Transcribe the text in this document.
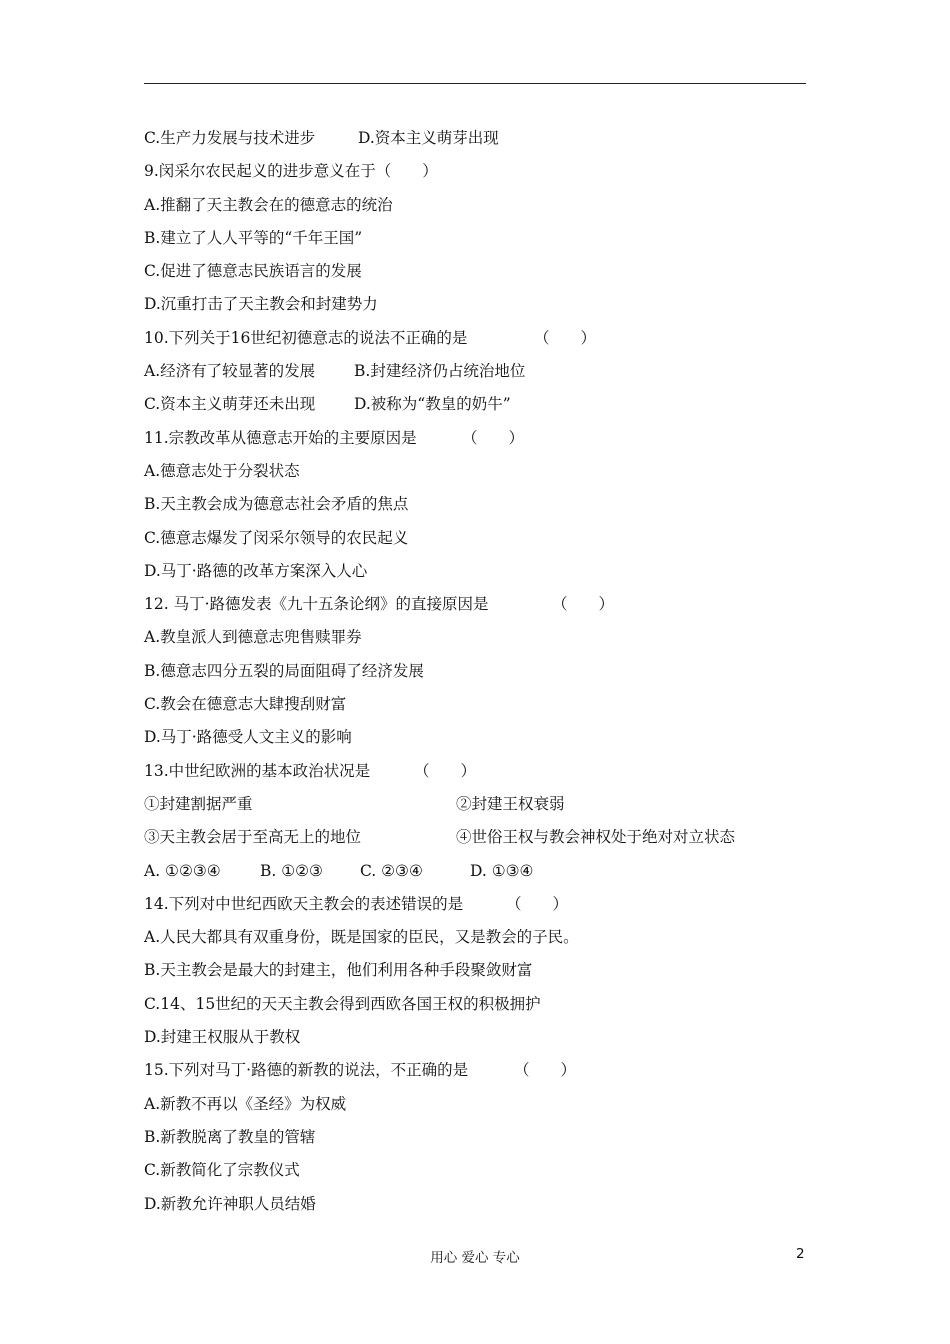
C.生产力发展与技术进步	D.资本主义萌芽出现
9.闵采尔农民起义的进步意义在于（　　）
A.推翻了天主教会在的德意志的统治
B.建立了人人平等的“千年王国”
C.促进了德意志民族语言的发展
D.沉重打击了天主教会和封建势力
10.下列关于16世纪初德意志的说法不正确的是	（　　）
A.经济有了较显著的发展	B.封建经济仍占统治地位
C.资本主义萌芽还未出现	D.被称为“教皇的奶牛”
11.宗教改革从德意志开始的主要原因是	（　　）
A.德意志处于分裂状态
B.天主教会成为德意志社会矛盾的焦点
C.德意志爆发了闵采尔领导的农民起义
D.马丁·路德的改革方案深入人心
12. 马丁·路德发表《九十五条论纲》的直接原因是	（　　）
A.教皇派人到德意志兜售赎罪券
B.德意志四分五裂的局面阻碍了经济发展
C.教会在德意志大肆搜刮财富
D.马丁·路德受人文主义的影响
13.中世纪欧洲的基本政治状况是	（　　）
①封建割据严重	②封建王权衰弱
③天主教会居于至高无上的地位	④世俗王权与教会神权处于绝对对立状态
A. ①②③④	B. ①②③ C. ②③④	D. ①③④
14.下列对中世纪西欧天主教会的表述错误的是	（　　）
A.人民大都具有双重身份，既是国家的臣民，又是教会的子民。
B.天主教会是最大的封建主，他们利用各种手段聚敛财富
C.14、15世纪的天天主教会得到西欧各国王权的积极拥护
D.封建王权服从于教权
15.下列对马丁·路德的新教的说法，不正确的是	（　　）
A.新教不再以《圣经》为权威
B.新教脱离了教皇的管辖
C.新教简化了宗教仪式
D.新教允许神职人员结婚
用心 爱心 专心	2
